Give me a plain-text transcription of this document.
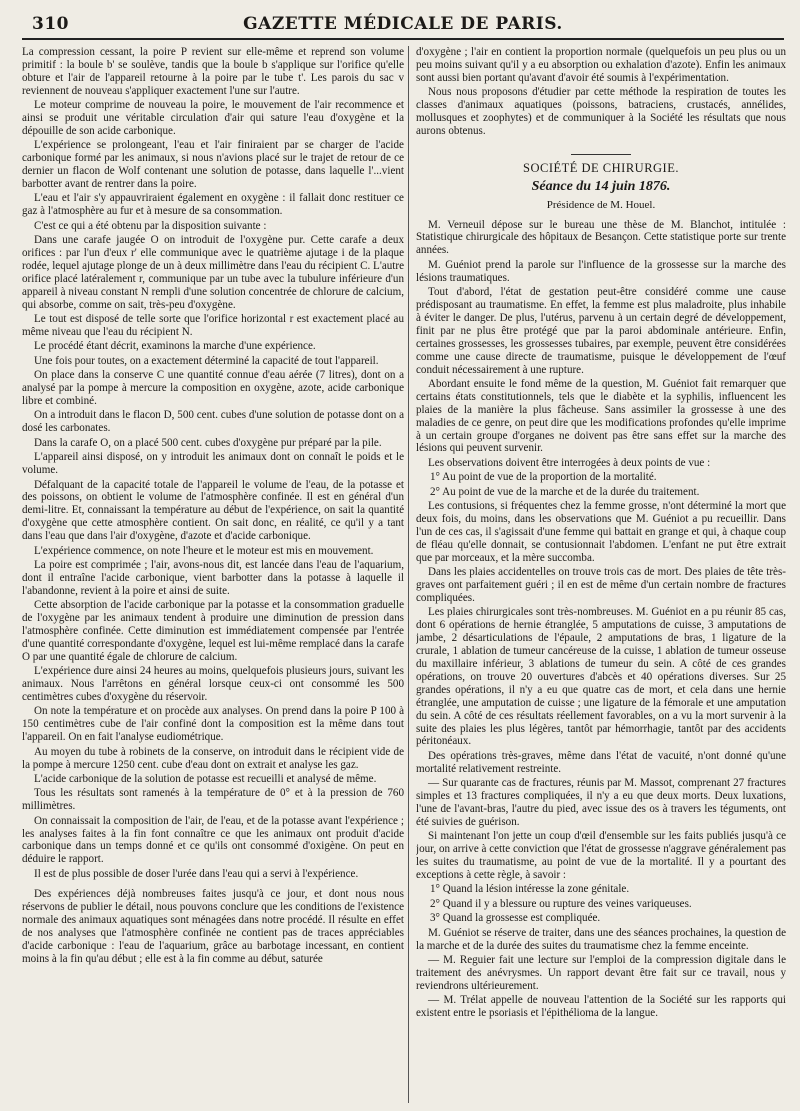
310	GAZETTE MÉDICALE DE PARIS.

La compression cessant, la poire P revient sur elle-même et reprend son volume primitif : la boule b' se soulève, tandis que la boule b s'applique sur l'orifice qu'elle obture et l'air de l'appareil retourne à la poire par le tube t'. Les parois du sac v reviennent de nouveau s'appliquer exactement l'une sur l'autre.

Le moteur comprime de nouveau la poire, le mouvement de l'air recommence et ainsi se produit une véritable circulation d'air qui sature l'eau d'oxygène et la dépouille de son acide carbonique.

L'expérience se prolongeant, l'eau et l'air finiraient par se charger de l'acide carbonique formé par les animaux, si nous n'avions placé sur le trajet de retour de ce dernier un flacon de Wolf contenant une solution de potasse, dans laquelle l'...vient barbotter avant de rentrer dans la poire.

L'eau et l'air s'y appauvriraient également en oxygène : il fallait donc restituer ce gaz à l'atmosphère au fur et à mesure de sa consommation.

C'est ce qui a été obtenu par la disposition suivante :

Dans une carafe jaugée O on introduit de l'oxygène pur. Cette carafe a deux orifices : par l'un d'eux r' elle communique avec le quatrième ajutage i de la plaque rodée, lequel ajutage plonge de un à deux millimètre dans l'eau du récipient C. L'autre orifice placé latéralement r, communique par un tube avec la tubulure inférieure d'un appareil à niveau constant N rempli d'une solution concentrée de chlorure de calcium, qui absorbe, comme on sait, très-peu d'oxygène.

Le tout est disposé de telle sorte que l'orifice horizontal r est exactement placé au même niveau que l'eau du récipient N.

Le procédé étant décrit, examinons la marche d'une expérience.

Une fois pour toutes, on a exactement déterminé la capacité de tout l'appareil.

On place dans la conserve C une quantité connue d'eau aérée (7 litres), dont on a analysé par la pompe à mercure la composition en oxygène, azote, acide carbonique libre et combiné.

On a introduit dans le flacon D, 500 cent. cubes d'une solution de potasse dont on a dosé les carbonates.

Dans la carafe O, on a placé 500 cent. cubes d'oxygène pur préparé par la pile.

L'appareil ainsi disposé, on y introduit les animaux dont on connaît le poids et le volume.

Défalquant de la capacité totale de l'appareil le volume de l'eau, de la potasse et des poissons, on obtient le volume de l'atmosphère confinée. Il est en général d'un demi-litre. Et, connaissant la température au début de l'expérience, on sait la quantité d'oxygène que cette atmosphère contient. On sait donc, en réalité, ce qu'il y a tant dans l'eau que dans l'air d'oxygène, d'azote et d'acide carbonique.

L'expérience commence, on note l'heure et le moteur est mis en mouvement.

La poire est comprimée ; l'air, avons-nous dit, est lancée dans l'eau de l'aquarium, dont il entraîne l'acide carbonique, vient barbotter dans la potasse à laquelle il l'abandonne, revient à la poire et ainsi de suite.

Cette absorption de l'acide carbonique par la potasse et la consommation graduelle de l'oxygène par les animaux tendent à produire une diminution de pression dans l'atmosphère confinée. Cette diminution est immédiatement compensée par l'entrée d'une quantité correspondante d'oxygène, lequel est lui-même remplacé dans la carafe O par une quantité égale de chlorure de calcium.

L'expérience dure ainsi 24 heures au moins, quelquefois plusieurs jours, suivant les animaux. Nous l'arrêtons en général lorsque ceux-ci ont consommé les 500 centimètres cubes d'oxygène du réservoir.

On note la température et on procède aux analyses. On prend dans la poire P 100 à 150 centimètres cube de l'air confiné dont la composition est la même dans tout l'appareil. On en fait l'analyse eudiométrique.

Au moyen du tube à robinets de la conserve, on introduit dans le récipient vide de la pompe à mercure 1250 cent. cube d'eau dont on extrait et analyse les gaz.

L'acide carbonique de la solution de potasse est recueilli et analysé de même.

Tous les résultats sont ramenés à la température de 0° et à la pression de 760 millimètres.

On connaissait la composition de l'air, de l'eau, et de la potasse avant l'expérience ; les analyses faites à la fin font connaître ce que les animaux ont produit d'acide carbonique dans un temps donné et ce qu'ils ont consommé d'oxigène. On peut en déduire le rapport.

Il est de plus possible de doser l'urée dans l'eau qui a servi à l'expérience.

Des expériences déjà nombreuses faites jusqu'à ce jour, et dont nous nous réservons de publier le détail, nous pouvons conclure que les conditions de l'existence normale des animaux aquatiques sont ménagées dans notre procédé. Il résulte en effet de nos analyses que l'atmosphère confinée ne contient pas de traces appréciables d'acide carbonique : l'eau de l'aquarium, grâce au barbotage incessant, en contient moins à la fin qu'au début ; elle est à la fin comme au début, saturée

d'oxygène ; l'air en contient la proportion normale (quelquefois un peu plus ou un peu moins suivant qu'il y a eu absorption ou exhalation d'azote). Enfin les animaux sont aussi bien portant qu'avant d'avoir été soumis à l'expérimentation.

Nous nous proposons d'étudier par cette méthode la respiration de toutes les classes d'animaux aquatiques (poissons, batraciens, crustacés, annélides, mollusques et zoophytes) et de communiquer à la Société les résultats que nous aurons obtenus.

SOCIÉTÉ DE CHIRURGIE.
Séance du 14 juin 1876.
Présidence de M. Houel.

M. Verneuil dépose sur le bureau une thèse de M. Blanchot, intitulée : Statistique chirurgicale des hôpitaux de Besançon. Cette statistique porte sur trente années.

M. Guéniot prend la parole sur l'influence de la grossesse sur la marche des lésions traumatiques.

Tout d'abord, l'état de gestation peut-être considéré comme une cause prédisposant au traumatisme. En effet, la femme est plus maladroite, plus inhabile à éviter le danger. De plus, l'utérus, parvenu à un certain degré de développement, finit par ne plus être protégé que par la paroi abdominale antérieure. Enfin, certaines grossesses, les grossesses tubaires, par exemple, peuvent être considérées comme une cause directe de traumatisme, puisque le développement de l'œuf conduit nécessairement à une rupture.

Abordant ensuite le fond même de la question, M. Guéniot fait remarquer que certains états constitutionnels, tels que le diabète et la syphilis, influencent les plaies de la manière la plus fâcheuse. Sans assimiler la grossesse à une des maladies de ce genre, on peut dire que les modifications profondes qu'elle imprime à un certain groupe d'organes ne doivent pas être sans effet sur la marche des lésions qui peuvent survenir.

Les observations doivent être interrogées à deux points de vue :

1° Au point de vue de la proportion de la mortalité.

2° Au point de vue de la marche et de la durée du traitement.

Les contusions, si fréquentes chez la femme grosse, n'ont déterminé la mort que deux fois, du moins, dans les observations que M. Guéniot a pu recueillir. Dans l'un de ces cas, il s'agissait d'une femme qui battait en grange et qui, à chaque coup de fléau qu'elle donnait, se contusionnait l'abdomen. L'enfant ne put être extrait que par morceaux, et la mère succomba.

Dans les plaies accidentelles on trouve trois cas de mort. Des plaies de tête très-graves ont parfaitement guéri ; il en est de même d'un certain nombre de fractures compliquées.

Les plaies chirurgicales sont très-nombreuses. M. Guéniot en a pu réunir 85 cas, dont 6 opérations de hernie étranglée, 5 amputations de cuisse, 3 amputations de jambe, 2 désarticulations de l'épaule, 2 amputations de bras, 1 ligature de la crurale, 1 ablation de tumeur cancéreuse de la cuisse, 1 ablation de tumeur osseuse du maxillaire inférieur, 3 ablations de tumeur du sein. A côté de ces grandes opérations, on trouve 20 ouvertures d'abcès et 40 opérations diverses. Sur 25 grandes opérations, il n'y a eu que quatre cas de mort, et cela dans une hernie étranglée, une amputation de cuisse ; une ligature de la fémorale et une amputation du sein. A côté de ces résultats réellement favorables, on a vu la mort survenir à la suite des plaies les plus légères, tantôt par hémorrhagie, tantôt par des accidents péritonéaux.

Des opérations très-graves, même dans l'état de vacuité, n'ont donné qu'une mortalité relativement restreinte.

— Sur quarante cas de fractures, réunis par M. Massot, comprenant 27 fractures simples et 13 fractures compliquées, il n'y a eu que deux morts. Deux luxations, l'une de l'avant-bras, l'autre du pied, avec issue des os à travers les téguments, ont été suivies de guérison.

Si maintenant l'on jette un coup d'œil d'ensemble sur les faits publiés jusqu'à ce jour, on arrive à cette conviction que l'état de grossesse n'aggrave généralement pas les suites du traumatisme, au point de vue de la mortalité. Il y a pourtant des exceptions à cette règle, à savoir :

1° Quand la lésion intéresse la zone génitale.

2° Quand il y a blessure ou rupture des veines variqueuses.

3° Quand la grossesse est compliquée.

M. Guéniot se réserve de traiter, dans une des séances prochaines, la question de la marche et de la durée des suites du traumatisme chez la femme enceinte.

— M. Reguier fait une lecture sur l'emploi de la compression digitale dans le traitement des anévrysmes. Un rapport devant être fait sur ce travail, nous y reviendrons ultérieurement.

— M. Trélat appelle de nouveau l'attention de la Société sur les rapports qui existent entre le psoriasis et l'épithélioma de la langue.
